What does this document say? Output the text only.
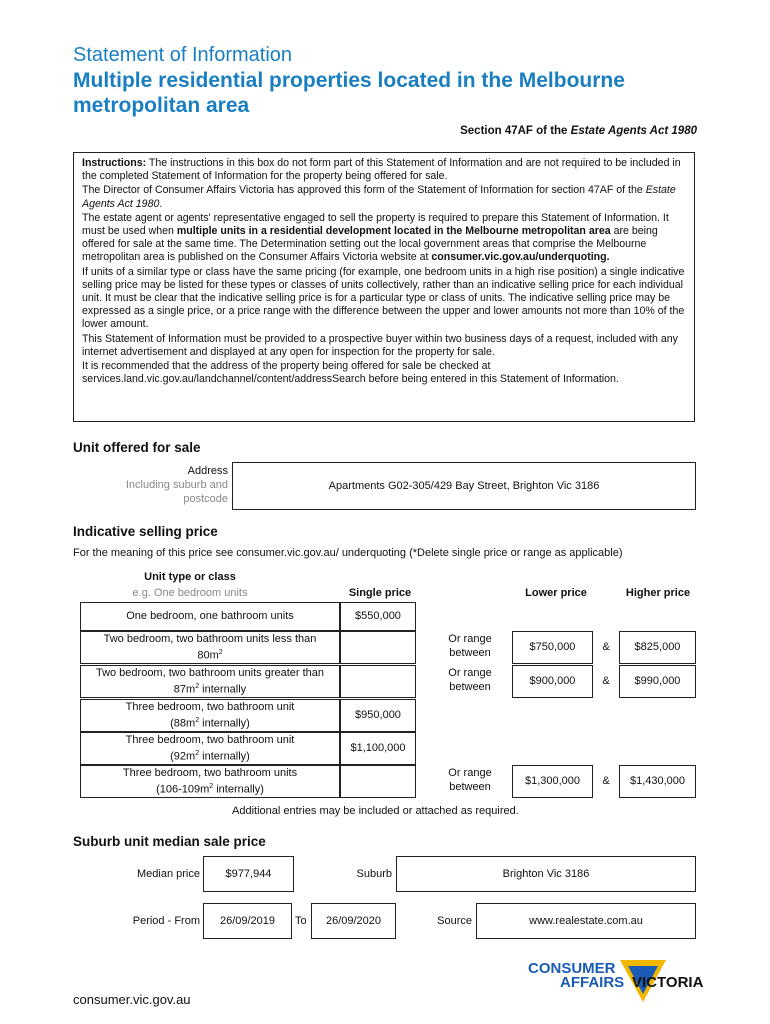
Statement of Information
Multiple residential properties located in the Melbourne metropolitan area
Section 47AF of the Estate Agents Act 1980

Instructions: The instructions in this box do not form part of this Statement of Information and are not required to be included in the completed Statement of Information for the property being offered for sale.

The Director of Consumer Affairs Victoria has approved this form of the Statement of Information for section 47AF of the Estate Agents Act 1980.

The estate agent or agents' representative engaged to sell the property is required to prepare this Statement of Information. It must be used when multiple units in a residential development located in the Melbourne metropolitan area are being offered for sale at the same time. The Determination setting out the local government areas that comprise the Melbourne metropolitan area is published on the Consumer Affairs Victoria website at consumer.vic.gov.au/underquoting.

If units of a similar type or class have the same pricing (for example, one bedroom units in a high rise position) a single indicative selling price may be listed for these types or classes of units collectively, rather than an indicative selling price for each individual unit. It must be clear that the indicative selling price is for a particular type or class of units. The indicative selling price may be expressed as a single price, or a price range with the difference between the upper and lower amounts not more than 10% of the lower amount.

This Statement of Information must be provided to a prospective buyer within two business days of a request, included with any internet advertisement and displayed at any open for inspection for the property for sale.

It is recommended that the address of the property being offered for sale be checked at services.land.vic.gov.au/landchannel/content/addressSearch before being entered in this Statement of Information.

Unit offered for sale
Address
Including suburb and
postcode
Apartments G02-305/429 Bay Street, Brighton Vic 3186
Indicative selling price
For the meaning of this price see consumer.vic.gov.au/ underquoting (*Delete single price or range as applicable)
Unit type or class
e.g. One bedroom units	Single price	Lower price	Higher price
One bedroom, one bathroom units	$550,000
Two bedroom, two bathroom units less than
$80m^2$
Or range
between	$750,000	&	$825,000
Two bedroom, two bathroom units greater than
$87m^2$ internally
Or range
between	$900,000	&	$990,000
Three bedroom, two bathroom unit
($88m^2$ internally)
$950,000
Three bedroom, two bathroom unit
($92m^2$ internally)
$1,100,000
Three bedroom, two bathroom units
($106-109m^2$ internally)
Or range
between	$1,300,000	&	$1,430,000
Additional entries may be included or attached as required.
Suburb unit median sale price
Median price	$977,944	Suburb	Brighton Vic 3186
Period - From	26/09/2019	To	26/09/2020	Source	www.realestate.com.au
consumer.vic.gov.au
CONSUMER
AFFAIRS VICTORIA
